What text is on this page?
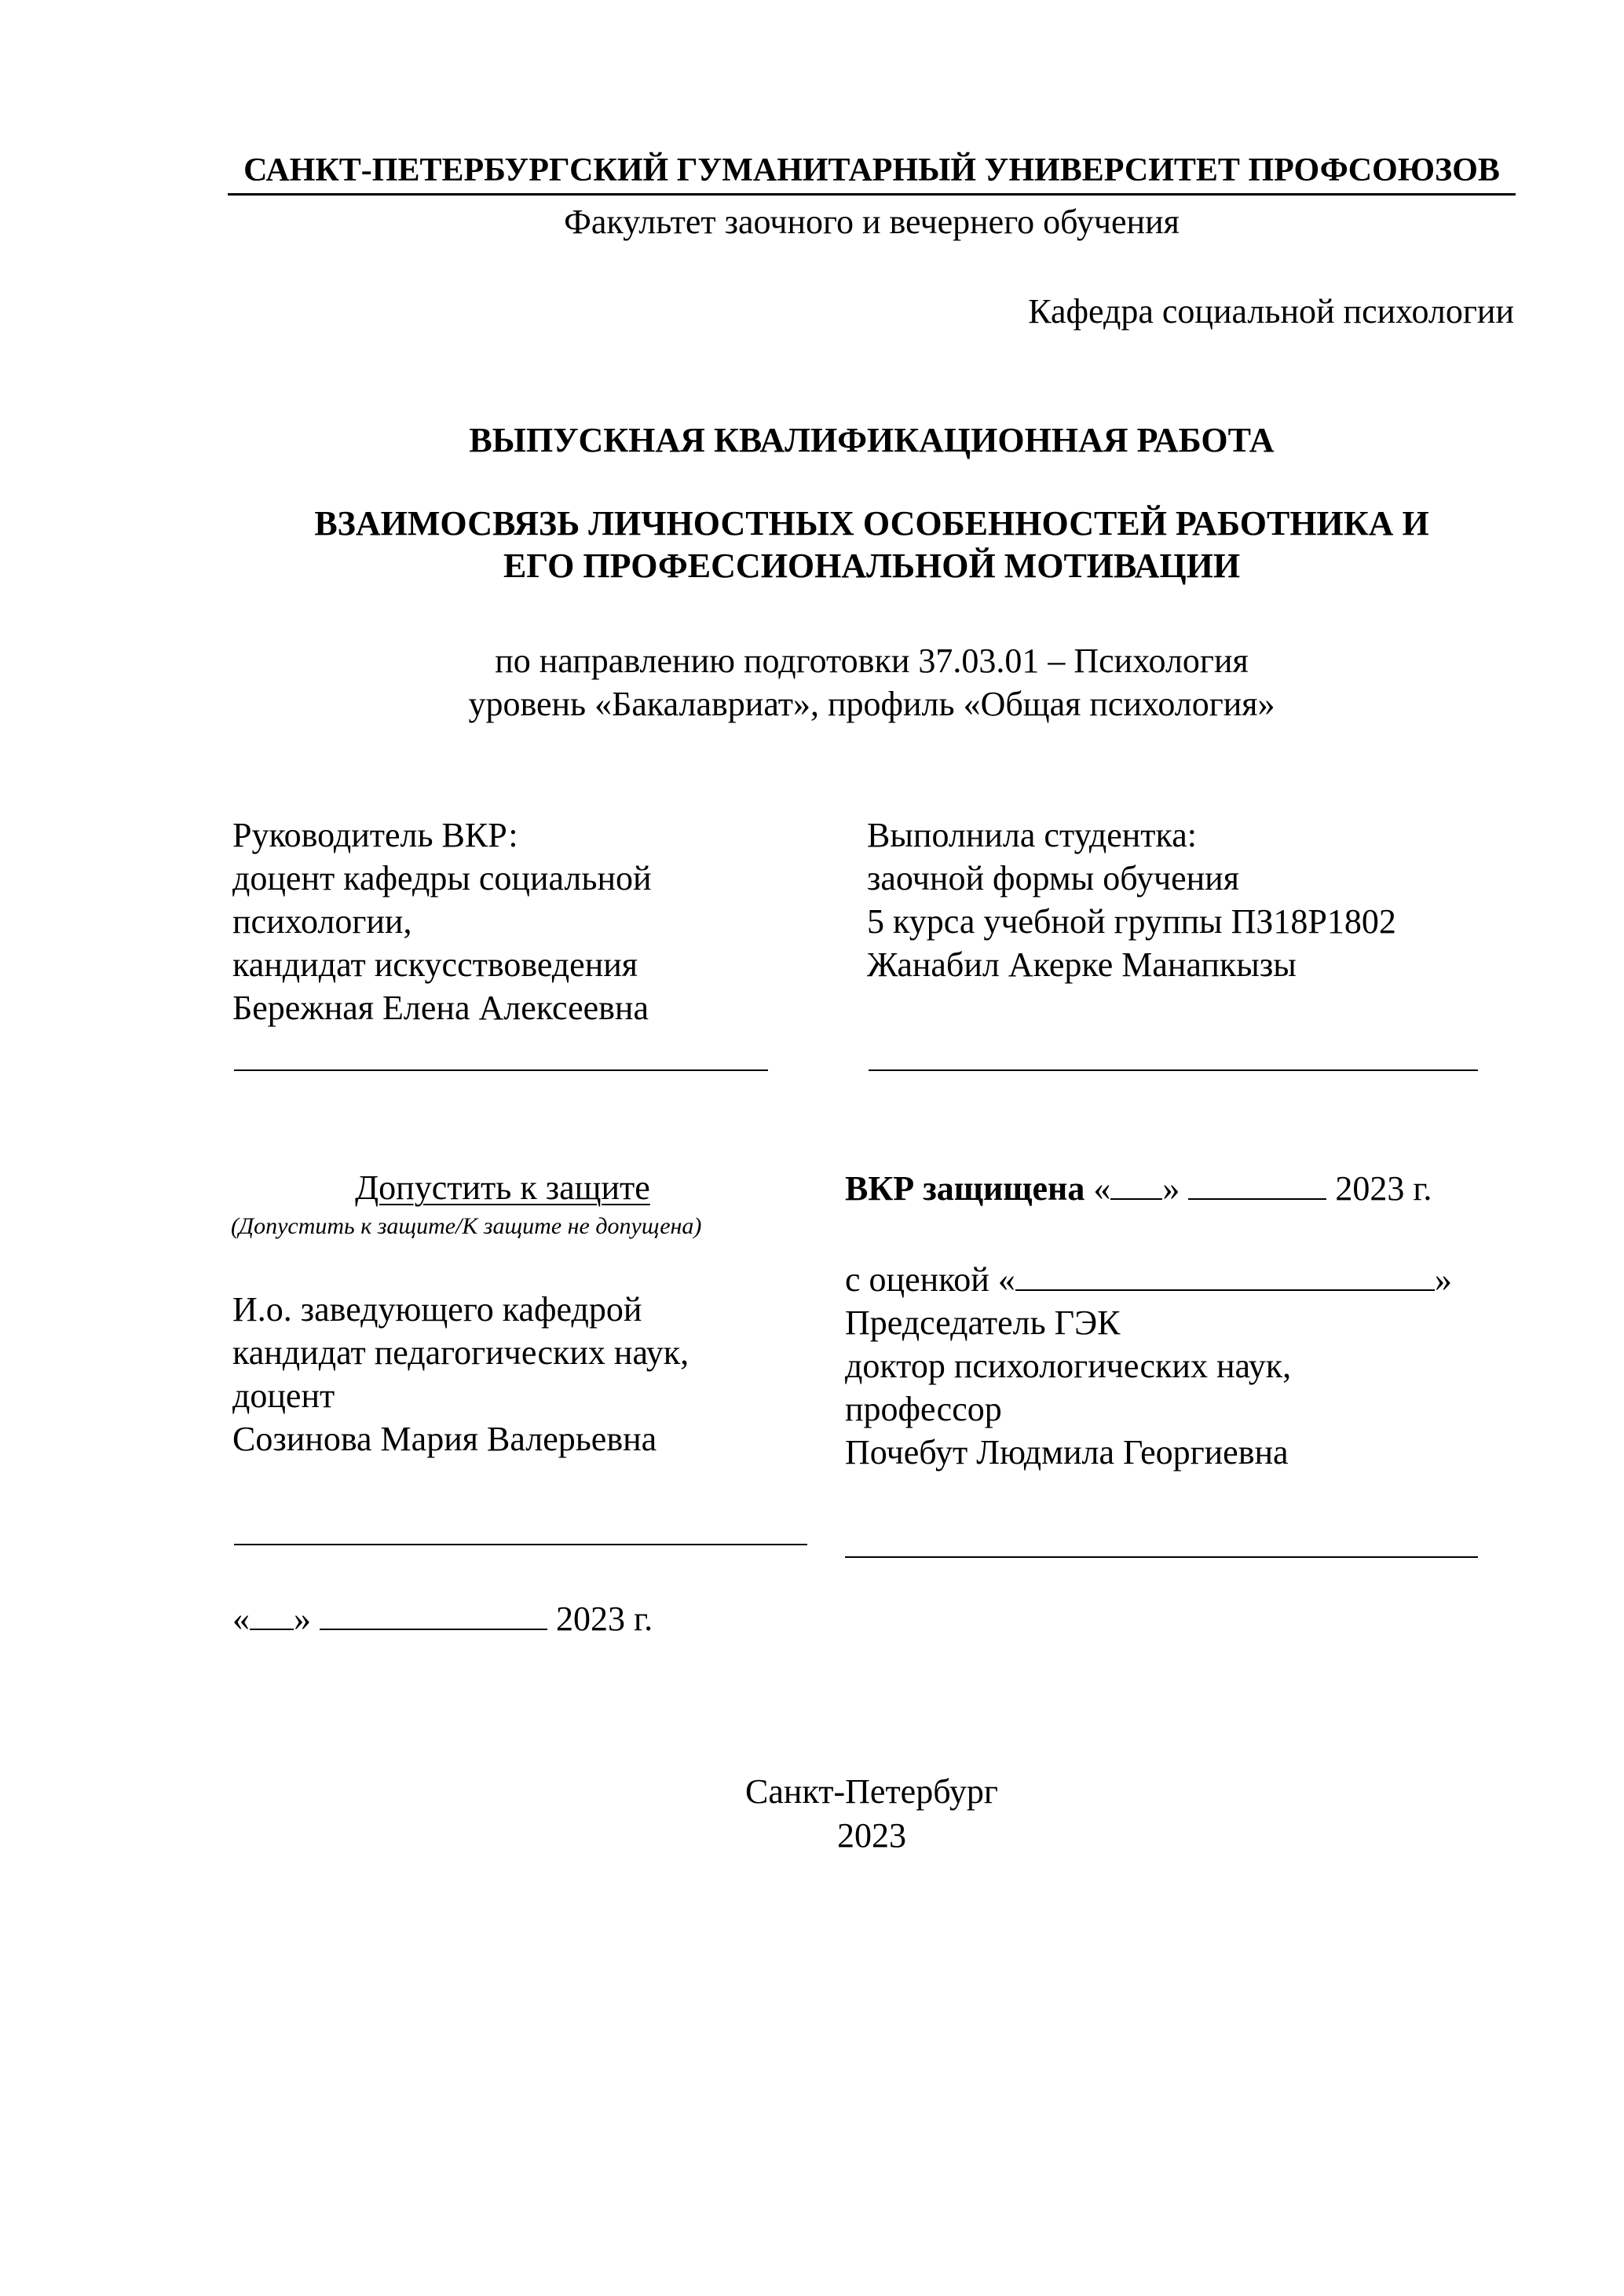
САНКТ-ПЕТЕРБУРГСКИЙ ГУМАНИТАРНЫЙ УНИВЕРСИТЕТ ПРОФСОЮЗОВ
Факультет заочного и вечернего обучения
Кафедра социальной психологии
ВЫПУСКНАЯ КВАЛИФИКАЦИОННАЯ РАБОТА
ВЗАИМОСВЯЗЬ ЛИЧНОСТНЫХ ОСОБЕННОСТЕЙ РАБОТНИКА И
ЕГО ПРОФЕССИОНАЛЬНОЙ МОТИВАЦИИ
по направлению подготовки 37.03.01 – Психология
уровень «Бакалавриат», профиль «Общая психология»
Руководитель ВКР:
доцент кафедры социальной
психологии,
кандидат искусствоведения
Бережная Елена Алексеевна
Выполнила студентка:
заочной формы обучения
5 курса учебной группы ПЗ18Р1802
Жанабил Акерке Манапкызы
Допустить к защите
(Допустить к защите/К защите не допущена)
И.о. заведующего кафедрой
кандидат педагогических наук,
доцент
Созинова Мария Валерьевна
« »	2023 г.
ВКР защищена « »	2023 г.
с оценкой «	»
Председатель ГЭК
доктор психологических наук,
профессор
Почебут Людмила Георгиевна
Санкт-Петербург
2023
